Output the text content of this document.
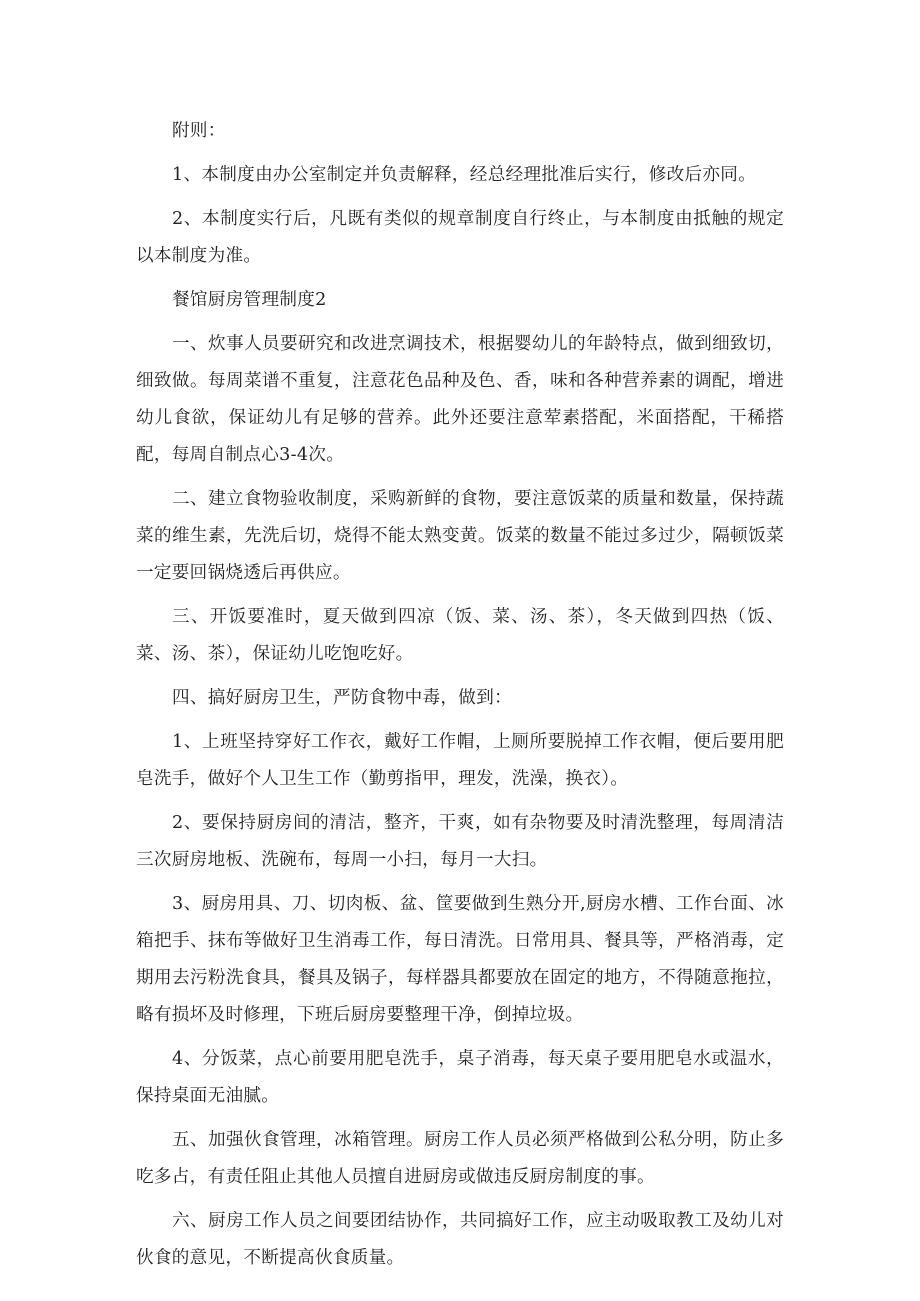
附则：

1、本制度由办公室制定并负责解释，经总经理批准后实行，修改后亦同。

2、本制度实行后，凡既有类似的规章制度自行终止，与本制度由抵触的规定以本制度为准。

餐馆厨房管理制度2

一、炊事人员要研究和改进烹调技术，根据婴幼儿的年龄特点，做到细致切，细致做。每周菜谱不重复，注意花色品种及色、香，味和各种营养素的调配，增进幼儿食欲，保证幼儿有足够的营养。此外还要注意荤素搭配，米面搭配，干稀搭配，每周自制点心3-4次。

二、建立食物验收制度，采购新鲜的食物，要注意饭菜的质量和数量，保持蔬菜的维生素，先洗后切，烧得不能太熟变黄。饭菜的数量不能过多过少，隔顿饭菜一定要回锅烧透后再供应。

三、开饭要准时，夏天做到四凉（饭、菜、汤、茶），冬天做到四热（饭、菜、汤、茶），保证幼儿吃饱吃好。

四、搞好厨房卫生，严防食物中毒，做到：

1、上班坚持穿好工作衣，戴好工作帽，上厕所要脱掉工作衣帽，便后要用肥皂洗手，做好个人卫生工作（勤剪指甲，理发，洗澡，换衣）。

2、要保持厨房间的清洁，整齐，干爽，如有杂物要及时清洗整理，每周清洁三次厨房地板、洗碗布，每周一小扫，每月一大扫。

3、厨房用具、刀、切肉板、盆、筐要做到生熟分开,厨房水槽、工作台面、冰箱把手、抹布等做好卫生消毒工作，每日清洗。日常用具、餐具等，严格消毒，定期用去污粉洗食具，餐具及锅子，每样器具都要放在固定的地方，不得随意拖拉，略有损坏及时修理，下班后厨房要整理干净，倒掉垃圾。

4、分饭菜，点心前要用肥皂洗手，桌子消毒，每天桌子要用肥皂水或温水，保持桌面无油腻。

五、加强伙食管理，冰箱管理。厨房工作人员必须严格做到公私分明，防止多吃多占，有责任阻止其他人员擅自进厨房或做违反厨房制度的事。

六、厨房工作人员之间要团结协作，共同搞好工作，应主动吸取教工及幼儿对伙食的意见，不断提高伙食质量。
